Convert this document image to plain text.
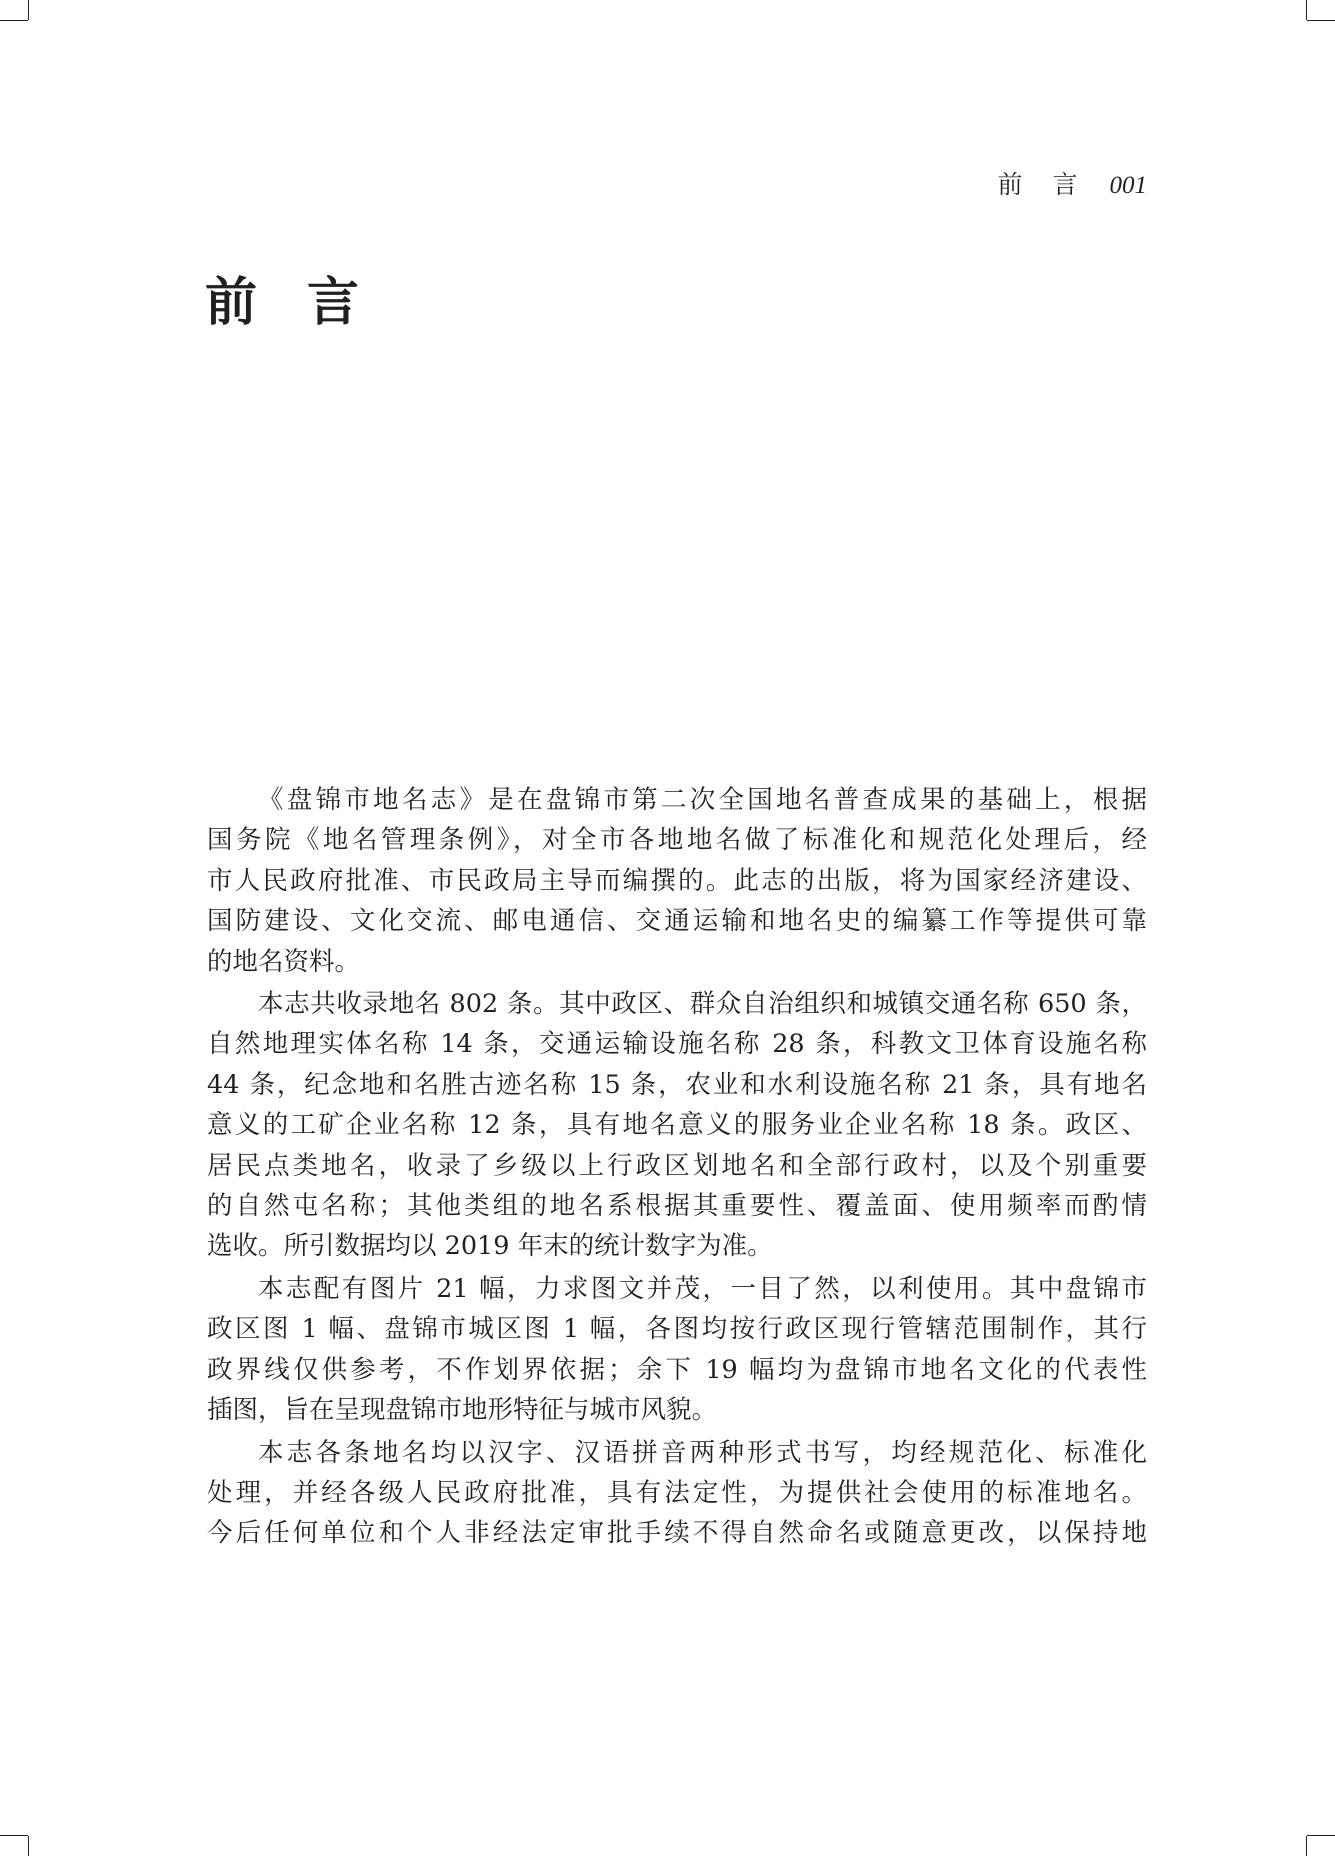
前言001
前言
《盘锦市地名志》是在盘锦市第二次全国地名普查成果的基础上，根据
国务院《地名管理条例》，对全市各地地名做了标准化和规范化处理后，经
市人民政府批准、市民政局主导而编撰的。此志的出版，将为国家经济建设、
国防建设、文化交流、邮电通信、交通运输和地名史的编纂工作等提供可靠
的地名资料。
本志共收录地名 802 条。其中政区、群众自治组织和城镇交通名称 650 条，
自然地理实体名称 14 条，交通运输设施名称 28 条，科教文卫体育设施名称
44 条，纪念地和名胜古迹名称 15 条，农业和水利设施名称 21 条，具有地名
意义的工矿企业名称 12 条，具有地名意义的服务业企业名称 18 条。政区、
居民点类地名，收录了乡级以上行政区划地名和全部行政村，以及个别重要
的自然屯名称；其他类组的地名系根据其重要性、覆盖面、使用频率而酌情
选收。所引数据均以 2019 年末的统计数字为准。
本志配有图片 21 幅，力求图文并茂，一目了然，以利使用。其中盘锦市
政区图 1 幅、盘锦市城区图 1 幅，各图均按行政区现行管辖范围制作，其行
政界线仅供参考，不作划界依据；余下 19 幅均为盘锦市地名文化的代表性
插图，旨在呈现盘锦市地形特征与城市风貌。
本志各条地名均以汉字、汉语拼音两种形式书写，均经规范化、标准化
处理，并经各级人民政府批准，具有法定性，为提供社会使用的标准地名。
今后任何单位和个人非经法定审批手续不得自然命名或随意更改，以保持地
